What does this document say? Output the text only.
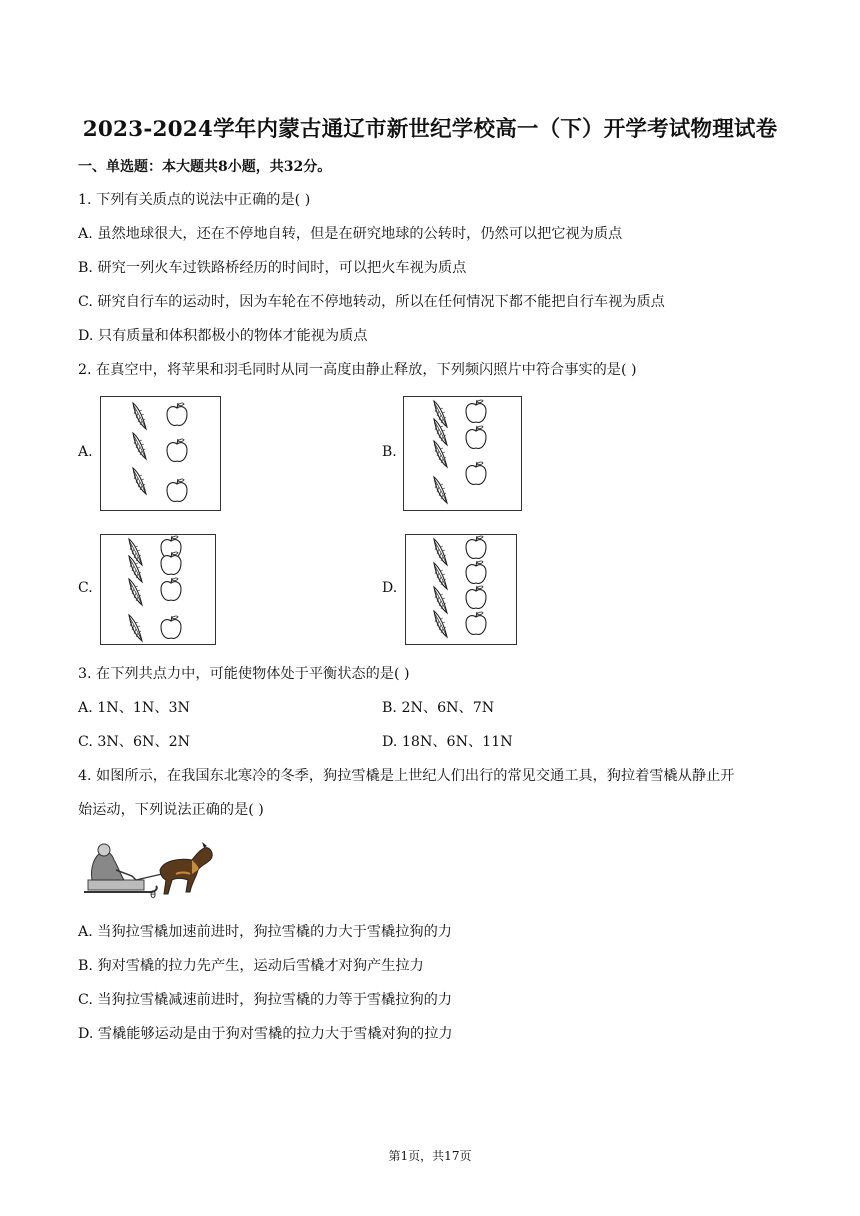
2023-2024学年内蒙古通辽市新世纪学校高一（下）开学考试物理试卷
一、单选题：本大题共8小题，共32分。
1. 下列有关质点的说法中正确的是( )
A. 虽然地球很大，还在不停地自转，但是在研究地球的公转时，仍然可以把它视为质点
B. 研究一列火车过铁路桥经历的时间时，可以把火车视为质点
C. 研究自行车的运动时，因为车轮在不停地转动，所以在任何情况下都不能把自行车视为质点
D. 只有质量和体积都极小的物体才能视为质点
2. 在真空中，将苹果和羽毛同时从同一高度由静止释放，下列频闪照片中符合事实的是( )
A.	B.
C.	D.
3. 在下列共点力中，可能使物体处于平衡状态的是( )
A. 1N、1N、3N	B. 2N、6N、7N
C. 3N、6N、2N	D. 18N、6N、11N
4. 如图所示，在我国东北寒冷的冬季，狗拉雪橇是上世纪人们出行的常见交通工具，狗拉着雪橇从静止开
始运动，下列说法正确的是( )
θ
A. 当狗拉雪橇加速前进时，狗拉雪橇的力大于雪橇拉狗的力
B. 狗对雪橇的拉力先产生，运动后雪橇才对狗产生拉力
C. 当狗拉雪橇减速前进时，狗拉雪橇的力等于雪橇拉狗的力
D. 雪橇能够运动是由于狗对雪橇的拉力大于雪橇对狗的拉力
第1页，共17页
